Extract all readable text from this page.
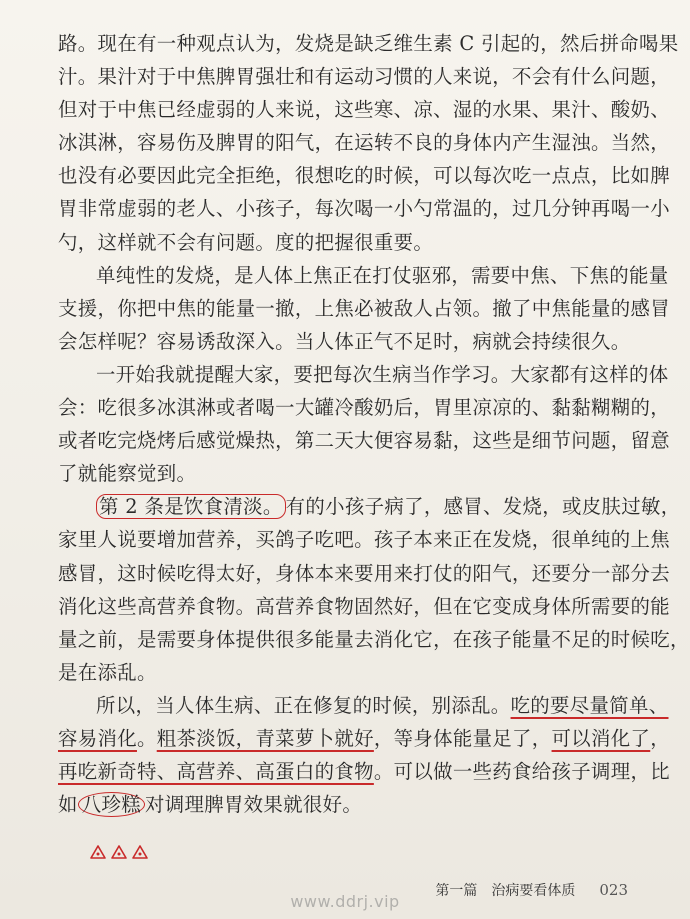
路。现在有一种观点认为，发烧是缺乏维生素 C 引起的，然后拼命喝果
汁。果汁对于中焦脾胃强壮和有运动习惯的人来说，不会有什么问题，
但对于中焦已经虚弱的人来说，这些寒、凉、湿的水果、果汁、酸奶、
冰淇淋，容易伤及脾胃的阳气，在运转不良的身体内产生湿浊。当然，
也没有必要因此完全拒绝，很想吃的时候，可以每次吃一点点，比如脾
胃非常虚弱的老人、小孩子，每次喝一小勺常温的，过几分钟再喝一小
勺，这样就不会有问题。度的把握很重要。
单纯性的发烧，是人体上焦正在打仗驱邪，需要中焦、下焦的能量
支援，你把中焦的能量一撤，上焦必被敌人占领。撤了中焦能量的感冒
会怎样呢？容易诱敌深入。当人体正气不足时，病就会持续很久。
一开始我就提醒大家，要把每次生病当作学习。大家都有这样的体
会：吃很多冰淇淋或者喝一大罐冷酸奶后，胃里凉凉的、黏黏糊糊的，
或者吃完烧烤后感觉燥热，第二天大便容易黏，这些是细节问题，留意
了就能察觉到。
第 2 条是饮食清淡。 有的小孩子病了，感冒、发烧，或皮肤过敏，
家里人说要增加营养，买鸽子吃吧。孩子本来正在发烧，很单纯的上焦
感冒，这时候吃得太好，身体本来要用来打仗的阳气，还要分一部分去
消化这些高营养食物。高营养食物固然好，但在它变成身体所需要的能
量之前，是需要身体提供很多能量去消化它，在孩子能量不足的时候吃，
是在添乱。
所以，当人体生病、正在修复的时候，别添乱。吃的要尽量简单、
容易消化。粗茶淡饭，青菜萝卜就好，等身体能量足了，可以消化了，
再吃新奇特、高营养、高蛋白的食物。可以做一些药食给孩子调理，比
如 八珍糕 对调理脾胃效果就很好。
第一篇　治病要看体质 023
www.ddrj.vip
